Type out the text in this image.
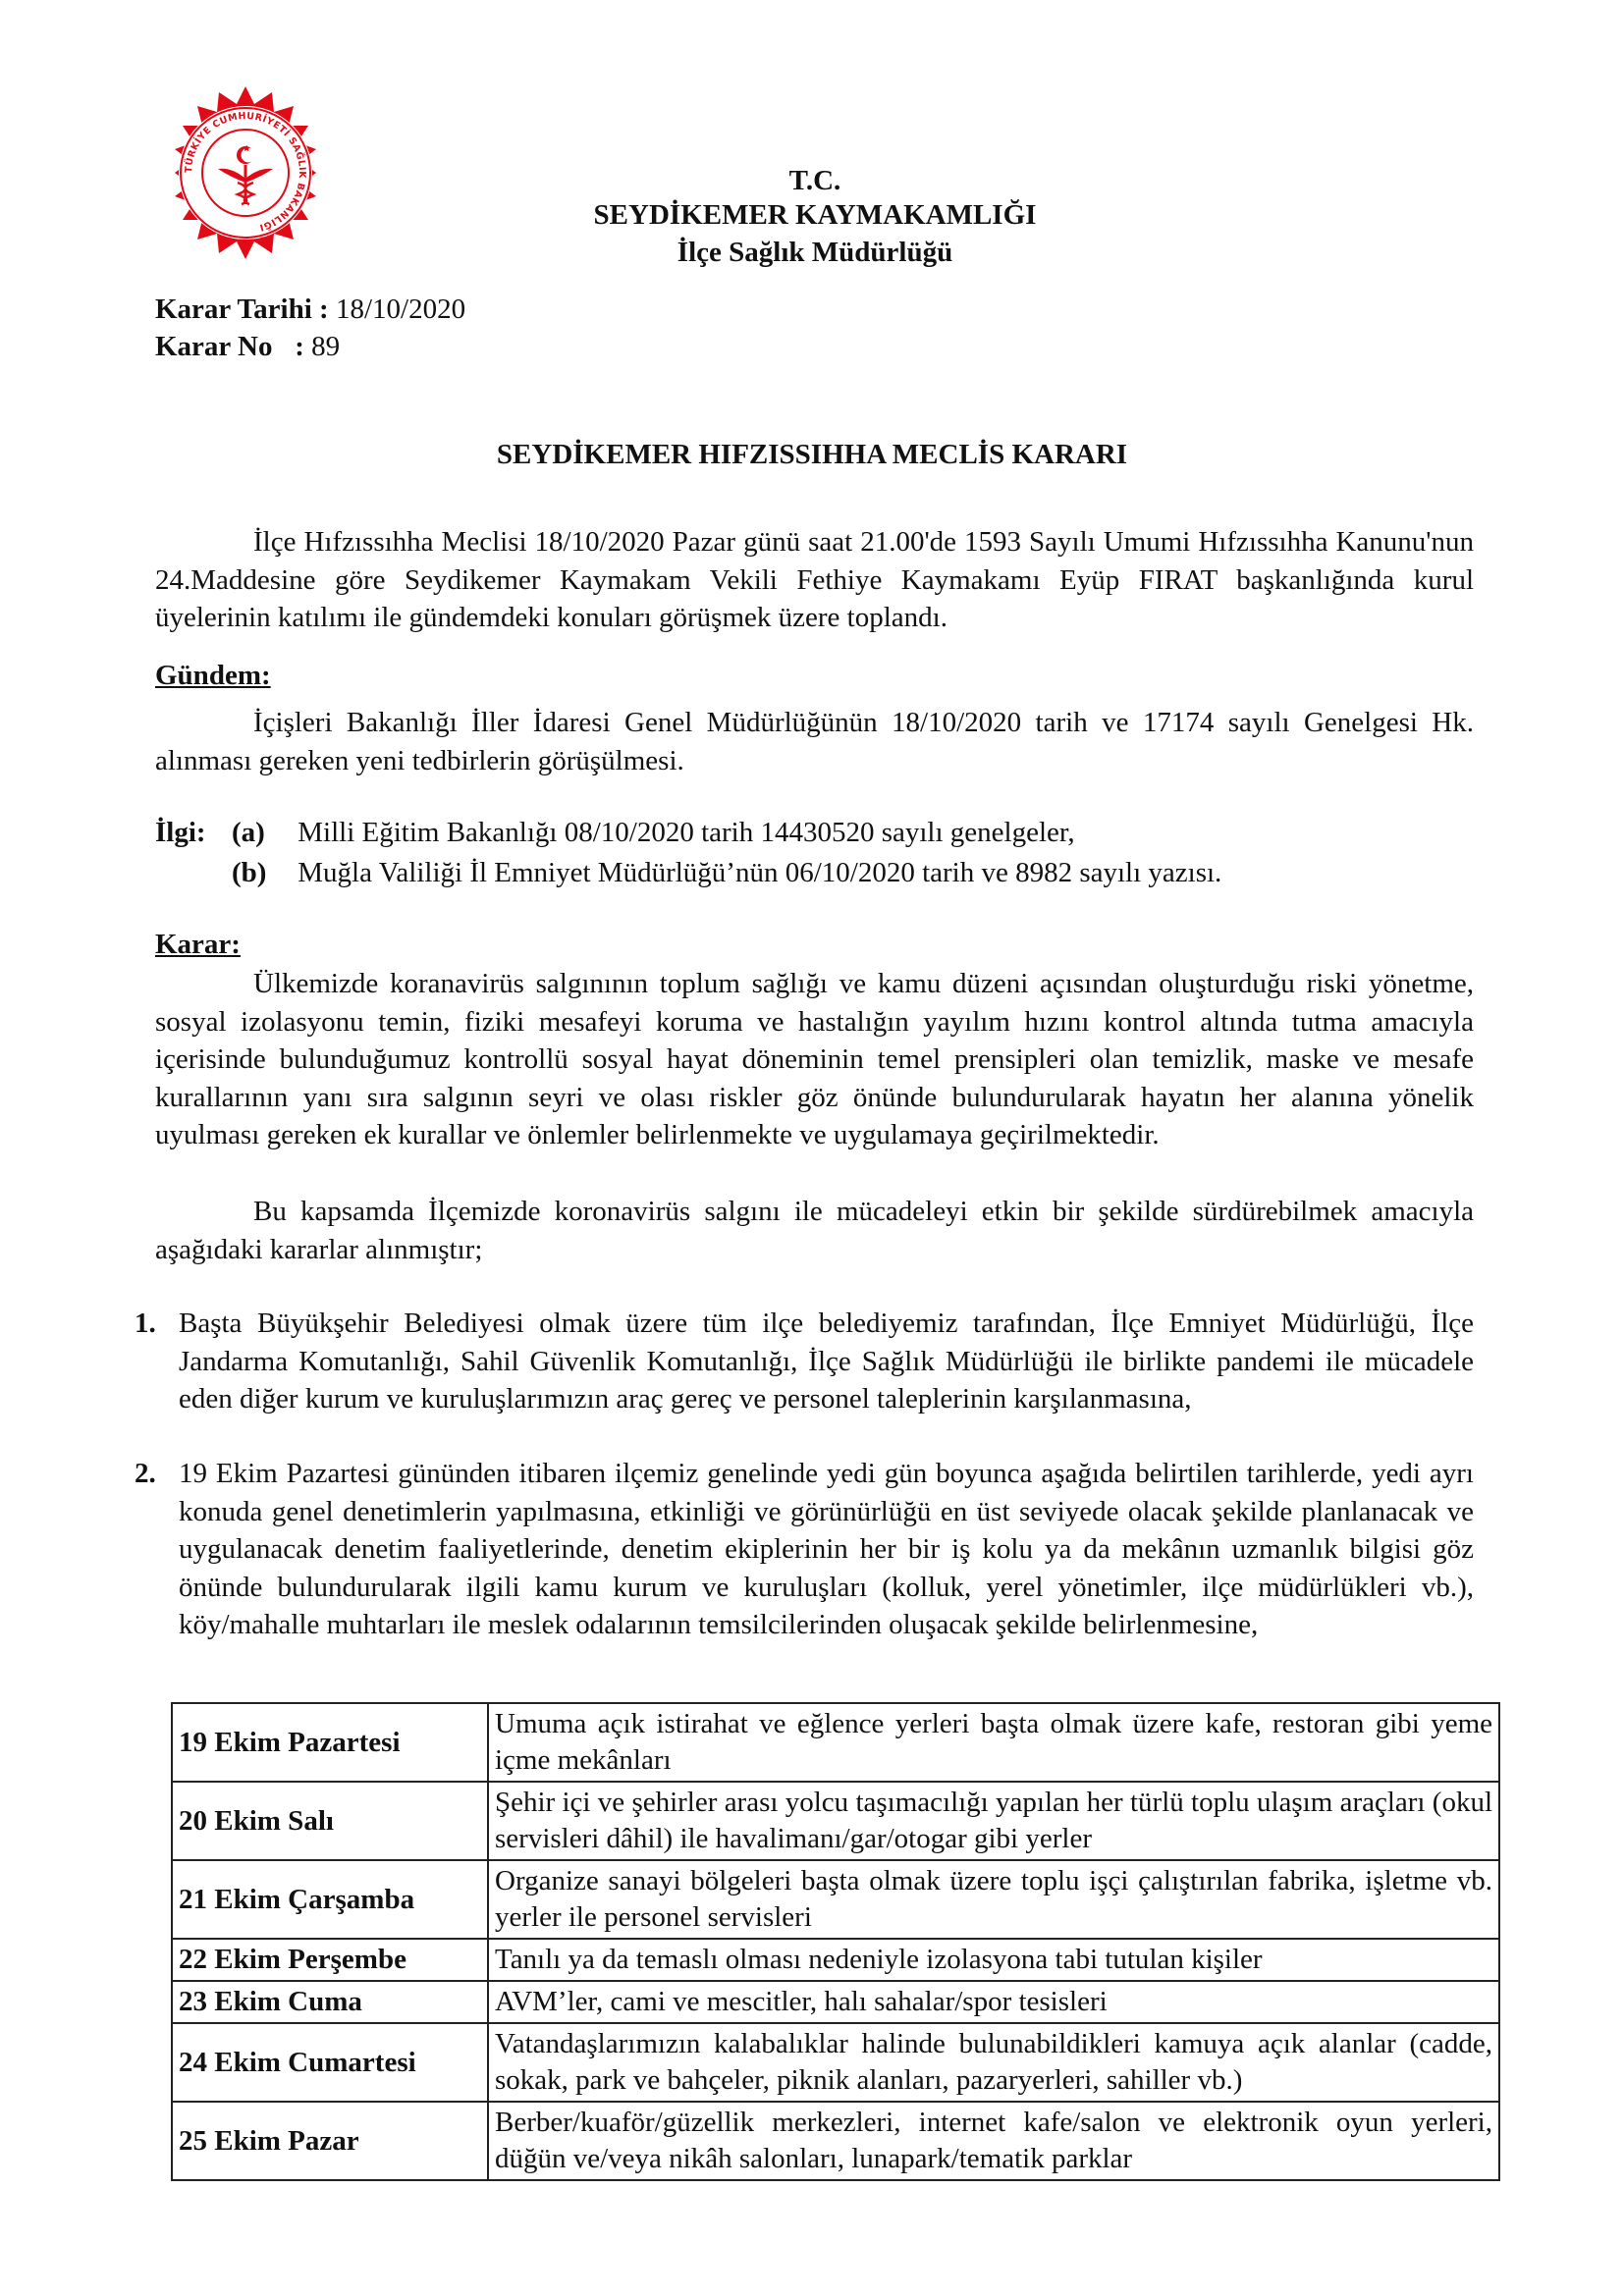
TÜRKİYE CUMHURİYETİ SAĞLIK BAKANLIĞI
T.C.
SEYDİKEMER KAYMAKAMLIĞI
İlçe Sağlık Müdürlüğü
Karar Tarihi : 18/10/2020
Karar No : 89
SEYDİKEMER HIFZISSIHHA MECLİS KARARI
İlçe Hıfzıssıhha Meclisi 18/10/2020 Pazar günü saat 21.00'de 1593 Sayılı Umumi Hıfzıssıhha Kanunu'nun 24.Maddesine göre Seydikemer Kaymakam Vekili Fethiye Kaymakamı Eyüp FIRAT başkanlığında kurul üyelerinin katılımı ile gündemdeki konuları görüşmek üzere toplandı.
Gündem:
İçişleri Bakanlığı İller İdaresi Genel Müdürlüğünün 18/10/2020 tarih ve 17174 sayılı Genelgesi Hk. alınması gereken yeni tedbirlerin görüşülmesi.
İlgi: (a) Milli Eğitim Bakanlığı 08/10/2020 tarih 14430520 sayılı genelgeler,
(b) Muğla Valiliği İl Emniyet Müdürlüğü’nün 06/10/2020 tarih ve 8982 sayılı yazısı.
Karar:
Ülkemizde koranavirüs salgınının toplum sağlığı ve kamu düzeni açısından oluşturduğu riski yönetme, sosyal izolasyonu temin, fiziki mesafeyi koruma ve hastalığın yayılım hızını kontrol altında tutma amacıyla içerisinde bulunduğumuz kontrollü sosyal hayat döneminin temel prensipleri olan temizlik, maske ve mesafe kurallarının yanı sıra salgının seyri ve olası riskler göz önünde bulundurularak hayatın her alanına yönelik uyulması gereken ek kurallar ve önlemler belirlenmekte ve uygulamaya geçirilmektedir.
Bu kapsamda İlçemizde koronavirüs salgını ile mücadeleyi etkin bir şekilde sürdürebilmek amacıyla aşağıdaki kararlar alınmıştır;
1. Başta Büyükşehir Belediyesi olmak üzere tüm ilçe belediyemiz tarafından, İlçe Emniyet Müdürlüğü, İlçe Jandarma Komutanlığı, Sahil Güvenlik Komutanlığı, İlçe Sağlık Müdürlüğü ile birlikte pandemi ile mücadele eden diğer kurum ve kuruluşlarımızın araç gereç ve personel taleplerinin karşılanmasına,
2. 19 Ekim Pazartesi gününden itibaren ilçemiz genelinde yedi gün boyunca aşağıda belirtilen tarihlerde, yedi ayrı konuda genel denetimlerin yapılmasına, etkinliği ve görünürlüğü en üst seviyede olacak şekilde planlanacak ve uygulanacak denetim faaliyetlerinde, denetim ekiplerinin her bir iş kolu ya da mekânın uzmanlık bilgisi göz önünde bulundurularak ilgili kamu kurum ve kuruluşları (kolluk, yerel yönetimler, ilçe müdürlükleri vb.), köy/mahalle muhtarları ile meslek odalarının temsilcilerinden oluşacak şekilde belirlenmesine,
19 Ekim Pazartesi	Umuma açık istirahat ve eğlence yerleri başta olmak üzere kafe, restoran gibi yeme içme mekânları
20 Ekim Salı	Şehir içi ve şehirler arası yolcu taşımacılığı yapılan her türlü toplu ulaşım araçları (okul servisleri dâhil) ile havalimanı/gar/otogar gibi yerler
21 Ekim Çarşamba	Organize sanayi bölgeleri başta olmak üzere toplu işçi çalıştırılan fabrika, işletme vb. yerler ile personel servisleri
22 Ekim Perşembe	Tanılı ya da temaslı olması nedeniyle izolasyona tabi tutulan kişiler
23 Ekim Cuma	AVM’ler, cami ve mescitler, halı sahalar/spor tesisleri
24 Ekim Cumartesi	Vatandaşlarımızın kalabalıklar halinde bulunabildikleri kamuya açık alanlar (cadde, sokak, park ve bahçeler, piknik alanları, pazaryerleri, sahiller vb.)
25 Ekim Pazar	Berber/kuaför/güzellik merkezleri, internet kafe/salon ve elektronik oyun yerleri, düğün ve/veya nikâh salonları, lunapark/tematik parklar
